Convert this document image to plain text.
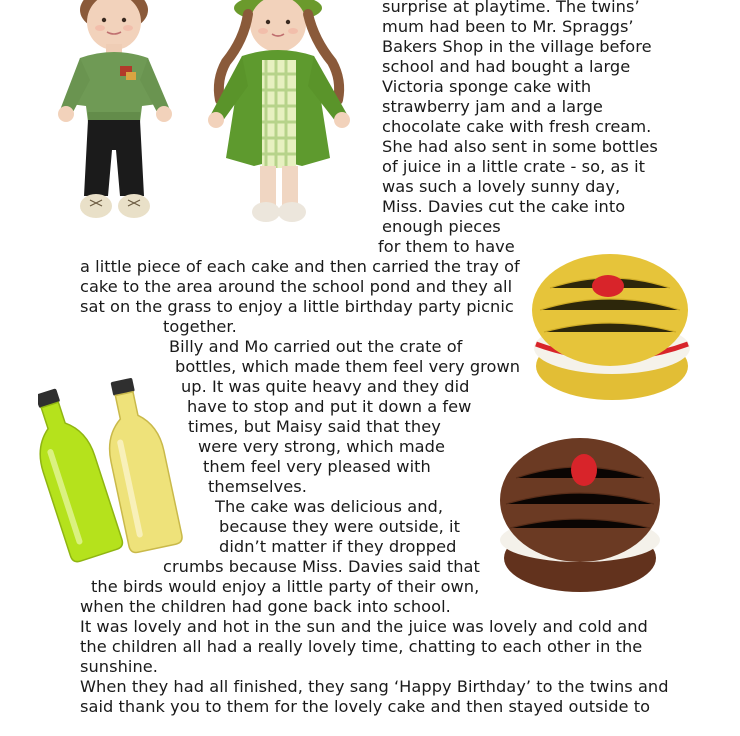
surprise at playtime. The twins’
mum had been to Mr. Spraggs’
Bakers Shop in the village before
school and had bought a large
Victoria sponge cake with
strawberry jam and a large
chocolate cake with fresh cream.
She had also sent in some bottles
of juice in a little crate - so, as it
was such a lovely sunny day,
Miss. Davies cut the cake into
enough pieces
for them to have
a little piece of each cake and then carried the tray of
cake to the area around the school pond and they all
sat on the grass to enjoy a little birthday party picnic
together.
Billy and Mo carried out the crate of
bottles, which made them feel very grown
up. It was quite heavy and they did
have to stop and put it down a few
times, but Maisy said that they
were very strong, which made
them feel very pleased with
themselves.
The cake was delicious and,
because they were outside, it
didn’t matter if they dropped
crumbs because Miss. Davies said that
the birds would enjoy a little party of their own,
when the children had gone back into school.
It was lovely and hot in the sun and the juice was lovely and cold and
the children all had a really lovely time, chatting to each other in the
sunshine.
When they had all finished, they sang ‘Happy Birthday’ to the twins and
said thank you to them for the lovely cake and then stayed outside to
